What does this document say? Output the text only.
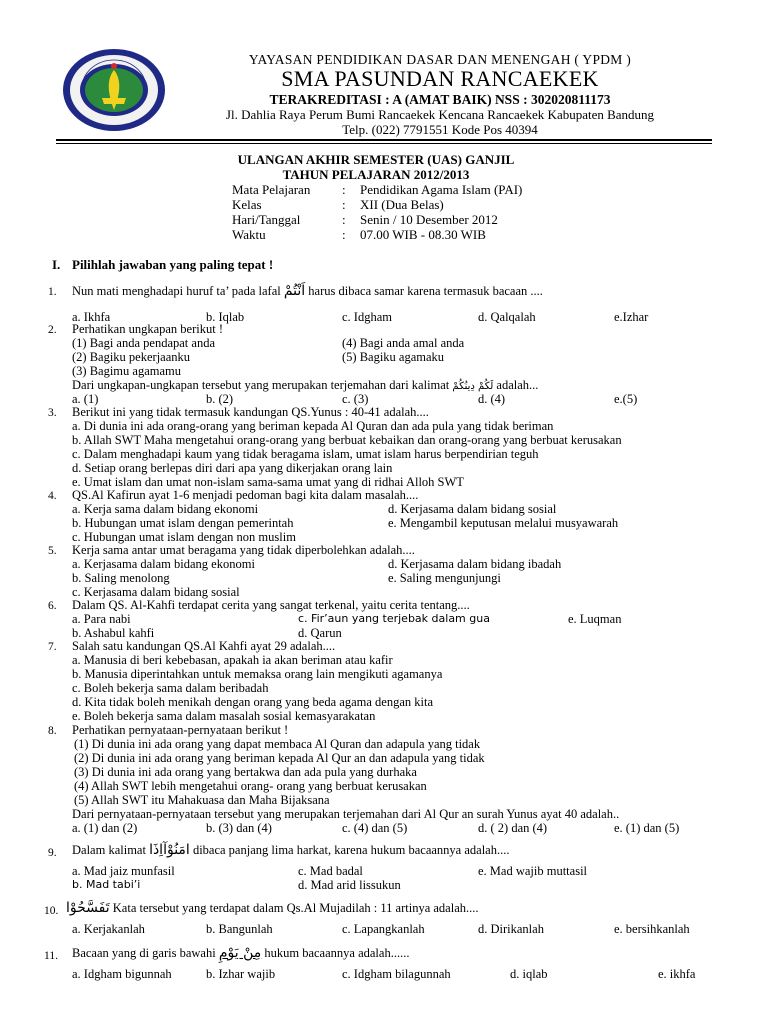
YAYASAN PENDIDIKAN DASAR DAN MENENGAH ( YPDM )
SMA PASUNDAN RANCAEKEK
TERAKREDITASI : A (AMAT BAIK) NSS : 302020811173
Jl. Dahlia Raya Perum Bumi Rancaekek Kencana Rancaekek Kabupaten Bandung
Telp. (022) 7791551 Kode Pos 40394
ULANGAN AKHIR SEMESTER (UAS) GANJIL
TAHUN PELAJARAN 2012/2013
Mata Pelajaran : Pendidikan Agama Islam (PAI)
Kelas	: XII (Dua Belas)
Hari/Tanggal	: Senin / 10 Desember 2012
Waktu	: 07.00 WIB - 08.30 WIB
I. Pilihlah jawaban yang paling tepat !
1. Nun mati menghadapi huruf ta’ pada lafal اَنْتُمْ harus dibaca samar karena termasuk bacaan ....
a. Ikhfa	b. Iqlab	c. Idgham	d. Qalqalah	e.Izhar
2. Perhatikan ungkapan berikut !
(1) Bagi anda pendapat anda	(4) Bagi anda amal anda
(2) Bagiku pekerjaanku	(5) Bagiku agamaku
(3) Bagimu agamamu
Dari ungkapan-ungkapan tersebut yang merupakan terjemahan dari kalimat لَكُمْ دِينُكُمْ adalah...
a. (1)	b. (2)	c. (3)	d. (4)	e.(5)
3. Berikut ini yang tidak termasuk kandungan QS.Yunus : 40-41 adalah....
a. Di dunia ini ada orang-orang yang beriman kepada Al Quran dan ada pula yang tidak beriman
b. Allah SWT Maha mengetahui orang-orang yang berbuat kebaikan dan orang-orang yang berbuat kerusakan
c. Dalam menghadapi kaum yang tidak beragama islam, umat islam harus berpendirian teguh
d. Setiap orang berlepas diri dari apa yang dikerjakan orang lain
e. Umat islam dan umat non-islam sama-sama umat yang di ridhai Alloh SWT
4. QS.Al Kafirun ayat 1-6 menjadi pedoman bagi kita dalam masalah....
a. Kerja sama dalam bidang ekonomi	d. Kerjasama dalam bidang sosial
b. Hubungan umat islam dengan pemerintah	e. Mengambil keputusan melalui musyawarah
c. Hubungan umat islam dengan non muslim
5. Kerja sama antar umat beragama yang tidak diperbolehkan adalah....
a. Kerjasama dalam bidang ekonomi	d. Kerjasama dalam bidang ibadah
b. Saling menolong	e. Saling mengunjungi
c. Kerjasama dalam bidang sosial
6. Dalam QS. Al-Kahfi terdapat cerita yang sangat terkenal, yaitu cerita tentang....
a. Para nabi	c. Fir’aun yang terjebak dalam gua	e. Luqman
b. Ashabul kahfi	d. Qarun
7. Salah satu kandungan QS.Al Kahfi ayat 29 adalah....
a. Manusia di beri kebebasan, apakah ia akan beriman atau kafir
b. Manusia diperintahkan untuk memaksa orang lain mengikuti agamanya
c. Boleh bekerja sama dalam beribadah
d. Kita tidak boleh menikah dengan orang yang beda agama dengan kita
e. Boleh bekerja sama dalam masalah sosial kemasyarakatan
8. Perhatikan pernyataan-pernyataan berikut !
(1) Di dunia ini ada orang yang dapat membaca Al Quran dan adapula yang tidak
(2) Di dunia ini ada orang yang beriman kepada Al Qur an dan adapula yang tidak
(3) Di dunia ini ada orang yang bertakwa dan ada pula yang durhaka
(4) Allah SWT lebih mengetahui orang- orang yang berbuat kerusakan
(5) Allah SWT itu Mahakuasa dan Maha Bijaksana
Dari pernyataan-pernyataan tersebut yang merupakan terjemahan dari Al Qur an surah Yunus ayat 40 adalah..
a. (1) dan (2)	b. (3) dan (4)	c. (4) dan (5)	d. ( 2) dan (4)	e. (1) dan (5)
9. Dalam kalimat امَنُوْآاِذَا dibaca panjang lima harkat, karena hukum bacaannya adalah....
a. Mad jaiz munfasil	c. Mad badal	e. Mad wajib muttasil
b. Mad tabi’i	d. Mad arid lissukun
10. تَفَسَّحُوْا Kata tersebut yang terdapat dalam Qs.Al Mujadilah : 11 artinya adalah....
a. Kerjakanlah	b. Bangunlah	c. Lapangkanlah	d. Dirikanlah	e. bersihkanlah
11. Bacaan yang di garis bawahi مِنْ يَوْمِ hukum bacaannya adalah......
a. Idgham bigunnah	b. Izhar wajib	c. Idgham bilagunnah	d. iqlab	e. ikhfa
